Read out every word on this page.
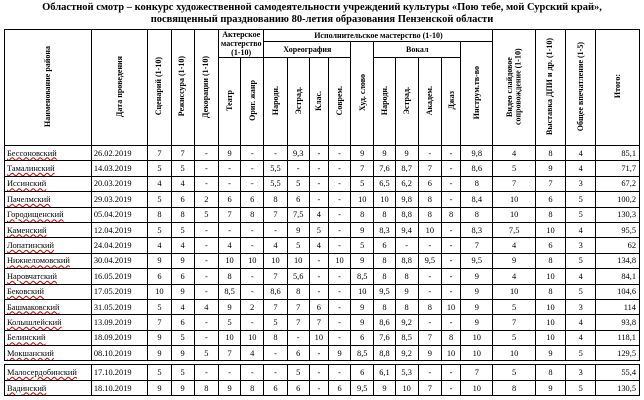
Областной смотр – конкурс художественной самодеятельности учреждений культуры «Пою тебе, мой Сурский край»,
посвященный празднованию 80-летия образования Пензенской области
Наименование района	Дата проведения	Сценарий (1-10)	Режиссура (1-10)	Декорации (1-10)	Актерское мастерство (1-10)		Исполнительское мастерство (1-10)										Видео слайдовое сопровождение (1-10)	Выставка ДПИ и др. (1-10)	Общее впечатление (1-5)	Итого:
							Хореография				Худ. слово	Вокал				Инструм.тв-во				
					Театр	Ориг. жанр	Народн.	Эстрад.	Клас.	Соврем.		Народн.	Эстрад.	Академ.	Джаз					
Бессоновский	26.02.2019	7	7	-	9	-	-	9,3	-	-	9	9	9	-	-	9,8	4	8	4	85,1
Тамалинский	14.03.2019	5	5	-	-	-	5,5	-	-	-	7	7,6	8,7	7	-	8,6	5	9	4	71,7
Иссинский	20.03.2019	4	4	-	-	-	5,5	5	-	-	5	6,5	6,2	6	-	8	7	7	3	67,2
Пачелмский	29.03.2019	5	6	2	6	6	8	6	-	-	10	10	9,8	8	-	8,4	10	6	5	100,2
Городищенский	05.04.2019	8	8	5	7	8	7	7,5	4	-	8	8	8,8	8	8	8	10	8	5	130,3
Каменский	12.04.2019	5	5	-	-	-	-	9	5	-	9	8,3	9,4	10	-	8,3	7,5	10	4	95,5
Лопатинский	24.04.2019	4	4	-	4	-	4	5	4	-	5	6	-	-	-	7	4	6	3	62
Нижнеломовский	30.04.2019	9	9	-	10	10	10	10	-	10	9	8	8,8	9,5	-	9,5	9	8	5	134,8
Наровчатский	16.05.2019	6	6	-	8	-	7	5,6	-	-	8,5	8	8	-	-	9	4	10	4	84,1
Бековский	17.05.2019	10	9	-	8,5	-	8,6	8	-	-	10	9,5	9	-	-	9	10	8	5	104,6
Башмаковский	31.05.2019	5	4	4	9	2	7	7	6	-	9	8	8	8	10	9	5	10	3	114
Колышлейский	13.09.2019	7	6	-	5	-	5	7	7	-	9	8,6	9,2	-	-	9	7	10	4	93,8
Белинский	18.09.2019	9	5	-	10	10	8	-	10	-	6	7,6	8,5	7	8	10	5	10	4	118,1
Мокшанский	08.10.2019	9	9	5	7	4	-	6	-	9	8,5	8,8	9,2	9	10	10	10	9	5	129,5

Малосердобинский	17.10.2019	5	5	-	-	-	-	5	-	-	6	6,1	5,3	-	-	7	5	8	3	55,4
Вадинский	18.10.2019	9	9	8	9	8	6	6	-	6	9,5	9	10	7	-	10	8	9	5	130,5
